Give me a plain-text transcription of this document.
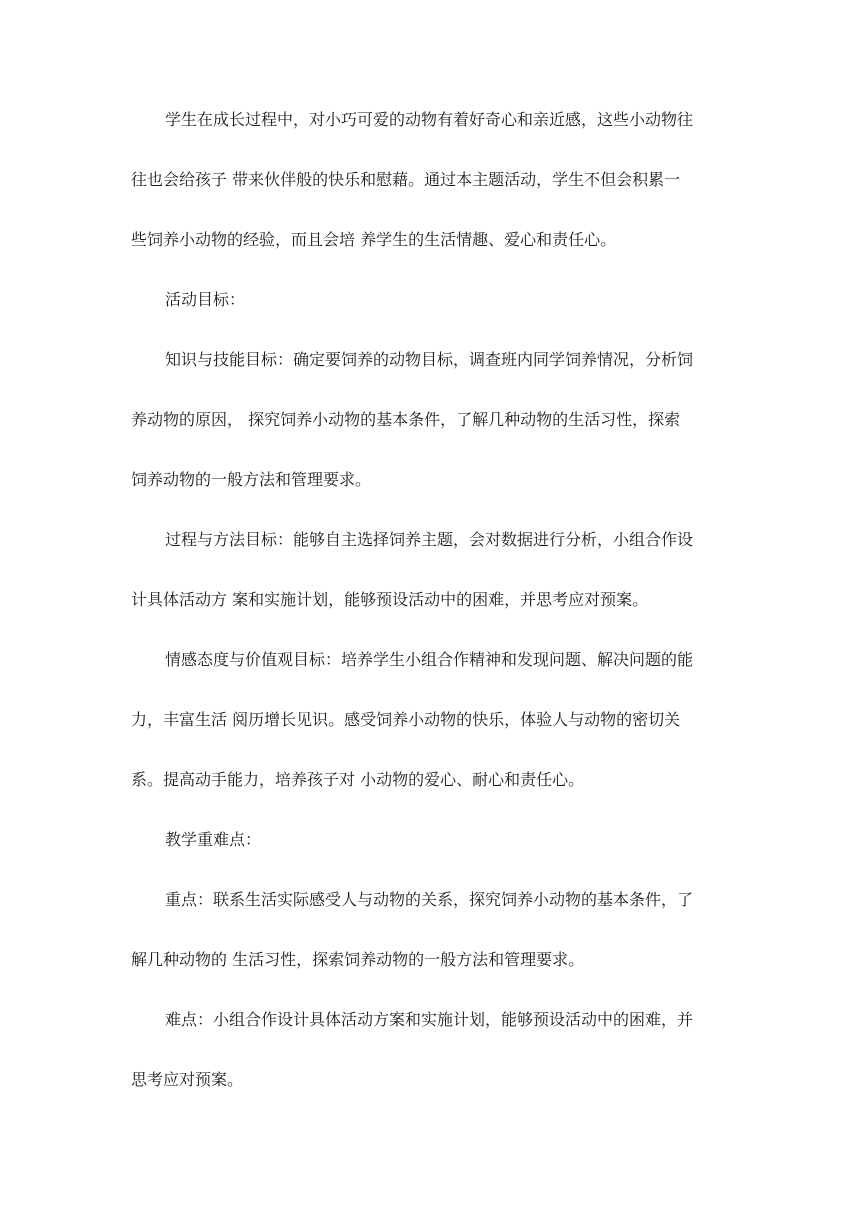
学生在成长过程中，对小巧可爱的动物有着好奇心和亲近感，这些小动物往
往也会给孩子 带来伙伴般的快乐和慰藉。通过本主题活动，学生不但会积累一
些饲养小动物的经验，而且会培 养学生的生活情趣、爱心和责任心。
活动目标：
知识与技能目标：确定要饲养的动物目标，调查班内同学饲养情况，分析饲
养动物的原因， 探究饲养小动物的基本条件，了解几种动物的生活习性，探索
饲养动物的一般方法和管理要求。
过程与方法目标：能够自主选择饲养主题，会对数据进行分析，小组合作设
计具体活动方 案和实施计划，能够预设活动中的困难，并思考应对预案。
情感态度与价值观目标：培养学生小组合作精神和发现问题、解决问题的能
力，丰富生活 阅历增长见识。感受饲养小动物的快乐，体验人与动物的密切关
系。提高动手能力，培养孩子对 小动物的爱心、耐心和责任心。
教学重难点：
重点：联系生活实际感受人与动物的关系，探究饲养小动物的基本条件，了
解几种动物的 生活习性，探索饲养动物的一般方法和管理要求。
难点：小组合作设计具体活动方案和实施计划，能够预设活动中的困难，并
思考应对预案。
